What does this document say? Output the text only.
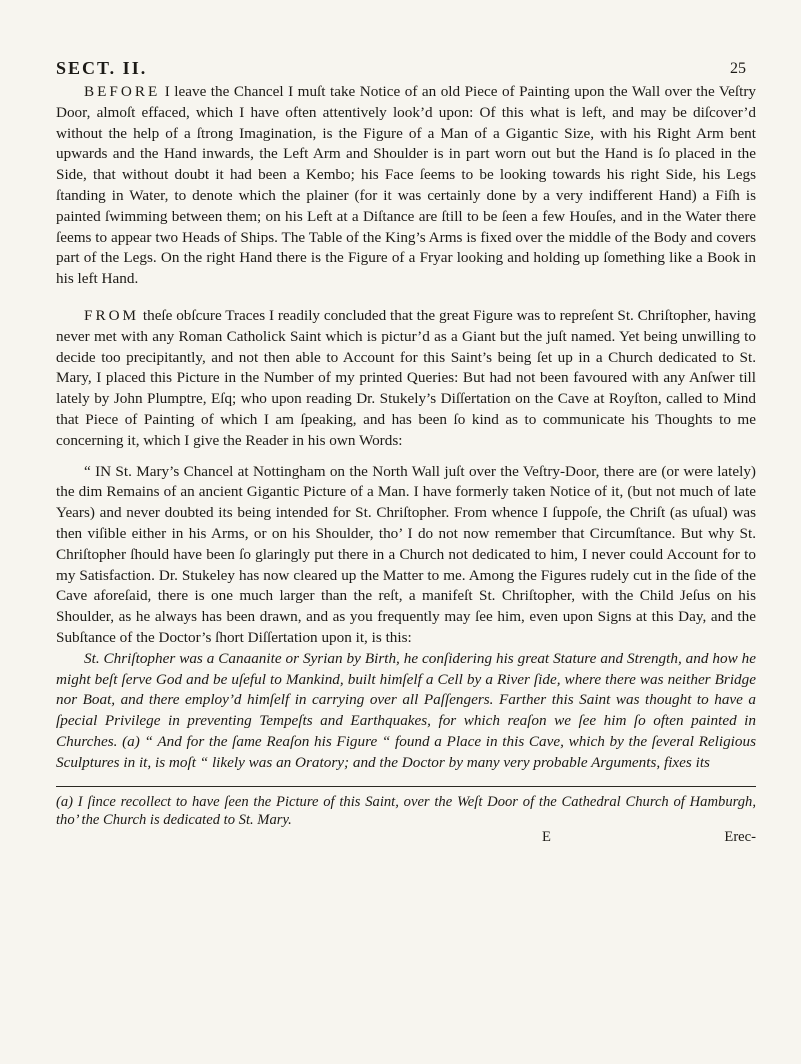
SECT. II.	25

BEFORE I leave the Chancel I muſt take Notice of an old Piece of Painting upon the Wall over the Veſtry Door, almoſt effaced, which I have often attentively look’d upon: Of this what is left, and may be diſcover’d without the help of a ſtrong Imagination, is the Figure of a Man of a Gigantic Size, with his Right Arm bent upwards and the Hand inwards, the Left Arm and Shoulder is in part worn out but the Hand is ſo placed in the Side, that without doubt it had been a Kembo; his Face ſeems to be looking towards his right Side, his Legs ſtanding in Water, to denote which the plainer (for it was certainly done by a very indifferent Hand) a Fiſh is painted ſwimming between them; on his Left at a Diſtance are ſtill to be ſeen a few Houſes, and in the Water there ſeems to appear two Heads of Ships. The Table of the King’s Arms is fixed over the middle of the Body and covers part of the Legs. On the right Hand there is the Figure of a Fryar looking and holding up ſomething like a Book in his left Hand.

FROM theſe obſcure Traces I readily concluded that the great Figure was to repreſent St. Chriſtopher, having never met with any Roman Catholick Saint which is pictur’d as a Giant but the juſt named. Yet being unwilling to decide too precipitantly, and not then able to Account for this Saint’s being ſet up in a Church dedicated to St. Mary, I placed this Picture in the Number of my printed Queries: But had not been favoured with any Anſwer till lately by John Plumptre, Eſq; who upon reading Dr. Stukely’s Diſſertation on the Cave at Royſton, called to Mind that Piece of Painting of which I am ſpeaking, and has been ſo kind as to communicate his Thoughts to me concerning it, which I give the Reader in his own Words:

“ IN St. Mary’s Chancel at Nottingham on the North Wall juſt over the Veſtry-Door, there are (or were lately) the dim Remains of an ancient Gigantic Picture of a Man. I have formerly taken Notice of it, (but not much of late Years) and never doubted its being intended for St. Chriſtopher. From whence I ſuppoſe, the Chriſt (as uſual) was then viſible either in his Arms, or on his Shoulder, tho’ I do not now remember that Circumſtance. But why St. Chriſtopher ſhould have been ſo glaringly put there in a Church not dedicated to him, I never could Account for to my Satisfaction. Dr. Stukeley has now cleared up the Matter to me. Among the Figures rudely cut in the ſide of the Cave aforeſaid, there is one much larger than the reſt, a manifeſt St. Chriſtopher, with the Child Jeſus on his Shoulder, as he always has been drawn, and as you frequently may ſee him, even upon Signs at this Day, and the Subſtance of the Doctor’s ſhort Diſſertation upon it, is this:

St. Chriſtopher was a Canaanite or Syrian by Birth, he conſidering his great Stature and Strength, and how he might beſt ſerve God and be uſeful to Mankind, built himſelf a Cell by a River ſide, where there was neither Bridge nor Boat, and there employ’d himſelf in carrying over all Paſſengers. Farther this Saint was thought to have a ſpecial Privilege in preventing Tempeſts and Earthquakes, for which reaſon we ſee him ſo often painted in Churches. (a) “ And for the ſame Reaſon his Figure “ found a Place in this Cave, which by the ſeveral Religious Sculptures in it, is moſt “ likely was an Oratory; and the Doctor by many very probable Arguments, fixes its

(a) I ſince recollect to have ſeen the Picture of this Saint, over the Weſt Door of the Cathedral Church of Hamburgh, tho’ the Church is dedicated to St. Mary.

E	Erec-
